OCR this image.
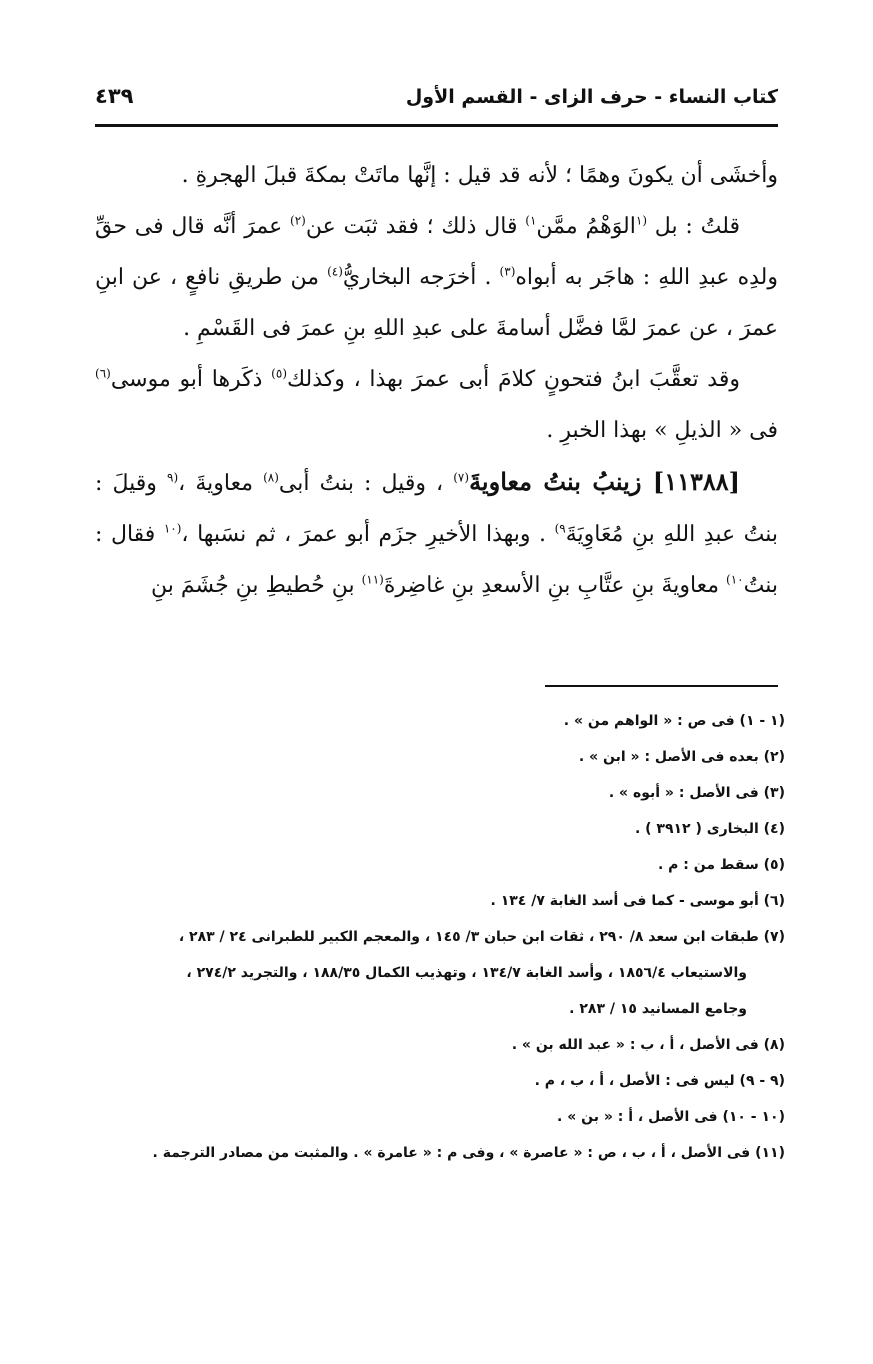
كتاب النساء - حرف الزاى - القسم الأول
٤٣٩

وأخشَى أن يكونَ وهمًا ؛ لأنه قد قيل : إنَّها ماتَتْ بمكةَ قبلَ الهجرةِ .

قلتُ : بل $^{(١}$الوَهْمُ ممَّن$^{١)}$ قال ذلك ؛ فقد ثبَت عن$^{(٢)}$ عمرَ أنَّه قال فى حقِّ ولدِه عبدِ اللهِ : هاجَر به أبواه$^{(٣)}$ . أخرَجه البخاريُّ$^{(٤)}$ من طريقِ نافعٍ ، عن ابنِ عمرَ ، عن عمرَ لمَّا فضَّل أسامةَ على عبدِ اللهِ بنِ عمرَ فى القَسْمِ .

وقد تعقَّبَ ابنُ فتحونٍ كلامَ أبى عمرَ بهذا ، وكذلك$^{(٥)}$ ذكَرها أبو موسى$^{(٦)}$ فى « الذيلِ » بهذا الخبرِ .

[١١٣٨٨] زينبُ بنتُ معاويةَ$^{(٧)}$ ، وقيل : بنتُ أبى$^{(٨)}$ معاويةَ ،$^{(٩}$ وقيلَ : بنتُ عبدِ اللهِ بنِ مُعَاوِيَةَ$^{٩)}$ . وبهذا الأخيرِ جزَم أبو عمرَ ، ثم نسَبها ،$^{(١٠}$ فقال : بنتُ$^{١٠)}$ معاويةَ بنِ عتَّابِ بنِ الأسعدِ بنِ غاضِرةَ$^{(١١)}$ بنِ حُطيطِ بنِ جُشَمَ بنِ

(١ - ١) فى ص : « الواهم من » .

(٢) بعده فى الأصل : « ابن » .

(٣) فى الأصل : « أبوه » .

(٤) البخارى ( ٣٩١٢ ) .

(٥) سقط من : م .

(٦) أبو موسى - كما فى أسد الغابة ٧/ ١٣٤ .

(٧) طبقات ابن سعد ٨/ ٢٩٠ ، ثقات ابن حبان ٣/ ١٤٥ ، والمعجم الكبير للطبرانى ٢٤ / ٢٨٣ ،

والاستيعاب ١٨٥٦/٤ ، وأسد الغابة ١٣٤/٧ ، وتهذيب الكمال ١٨٨/٣٥ ، والتجريد ٢٧٤/٢ ،

وجامع المسانيد ١٥ / ٢٨٣ .

(٨) فى الأصل ، أ ، ب : « عبد الله بن » .

(٩ - ٩) ليس فى : الأصل ، أ ، ب ، م .

(١٠ - ١٠) فى الأصل ، أ : « بن » .

(١١) فى الأصل ، أ ، ب ، ص : « عاصرة » ، وفى م : « عامرة » . والمثبت من مصادر الترجمة .
